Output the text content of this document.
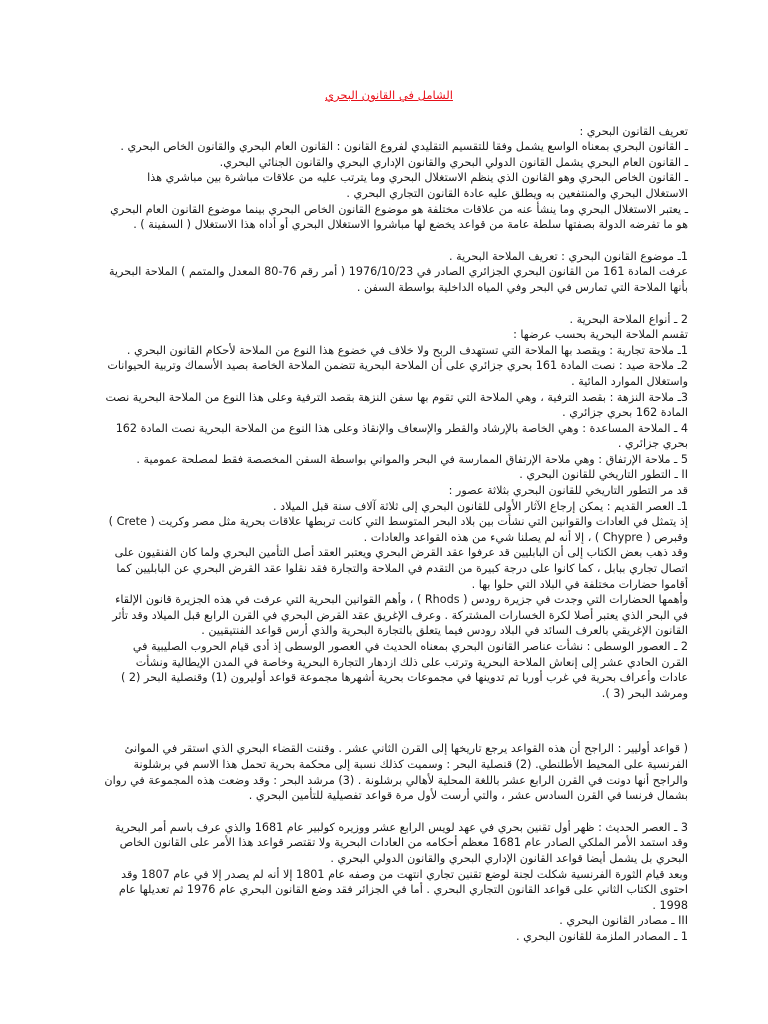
الشامل في القانون البحري

تعريف القانون البحري :

ـ القانون البحري بمعناه الواسع يشمل وفقا للتقسيم التقليدي لفروع القانون : القانون العام البحري والقانون الخاص البحري .

ـ القانون العام البحري يشمل القانون الدولي البحري والقانون الإداري البحري والقانون الجنائي البحري.

ـ القانون الخاص البحري وهو القانون الذي ينظم الاستغلال البحري وما يترتب عليه من علاقات مباشرة بين مباشري هذا

الاستغلال البحري والمنتفعين به ويطلق عليه عادة القانون التجاري البحري .

ـ يعتبر الاستغلال البحري وما ينشأ عنه من علاقات مختلفة هو موضوع القانون الخاص البحري بينما موضوع القانون العام البحري

هو ما تفرضه الدولة بصفتها سلطة عامة من قواعد يخضع لها مباشروا الاستغلال البحري أو أداه هذا الاستغلال ( السفينة ) .

1ـ موضوع القانون البحري : تعريف الملاحة البحرية .

عرفت المادة 161 من القانون البحري الجزائري الصادر في 1976/10/23 ( أمر رقم 76-80 المعدل والمتمم ) الملاحة البحرية

بأنها الملاحة التي تمارس في البحر وفي المياه الداخلية بواسطة السفن .

2 ـ أنواع الملاحة البحرية .

تقسم الملاحة البحرية بحسب عرضها :

1ـ ملاحة تجارية : ويقصد بها الملاحة التي تستهدف الربح ولا خلاف في خضوع هذا النوع من الملاحة لأحكام القانون البحري .

2ـ ملاحة صيد : نصت المادة 161 بحري جزائري على أن الملاحة البحرية تتضمن الملاحة الخاصة بصيد الأسماك وتربية الحيوانات

واستغلال الموارد المائية .

3ـ ملاحة النزهة : بقصد الترفية ، وهي الملاحة التي تقوم بها سفن النزهة بقصد الترفية وعلى هذا النوع من الملاحة البحرية نصت

المادة 162 بحري جزائري .

4 ـ الملاحة المساعدة : وهي الخاصة بالإرشاد والقطر والإسعاف والإنقاذ وعلى هذا النوع من الملاحة البحرية نصت المادة 162

بحري جزائري .

5 ـ ملاحة الإرتفاق : وهي ملاحة الإرتفاق الممارسة في البحر والمواني بواسطة السفن المخصصة فقط لمصلحة عمومية .

II ـ التطور التاريخي للقانون البحري .

قد مر التطور التاريخي للقانون البحري بثلاثة عصور :

1ـ العصر القديم : يمكن إرجاع الآثار الأولى للقانون البحري إلى ثلاثة آلاف سنة قبل الميلاد .

إذ يتمثل في العادات والقوانين التي نشأت بين بلاد البحر المتوسط التي كانت تربطها علاقات بحرية مثل مصر وكريت ( Crete )

وقبرص ( Chypre ) ، إلا أنه لم يصلنا شيء من هذه القواعد والعادات .

وقد ذهب بعض الكتاب إلى أن البابليين قد عرفوا عقد القرض البحري ويعتبر العقد أصل التأمين البحري ولما كان الفنقيون على

اتصال تجاري ببابل ، كما كانوا على درجة كبيرة من التقدم في الملاحة والتجارة فقد نقلوا عقد القرض البحري عن البابليين كما

أقاموا حضارات مختلفة في البلاد التي حلوا بها .

وأهمها الحضارات التي وجدت في جزيرة رودس ( Rhods ) ، وأهم القوانين البحرية التي عرفت في هذه الجزيرة قانون الإلقاء

في البحر الذي يعتبر أصلا لكرة الخسارات المشتركة . وعرف الإغريق عقد القرض البحري في القرن الرابع قبل الميلاد وقد تأثر

القانون الإغريقي بالعرف السائد في البلاد رودس فيما يتعلق بالتجارة البحرية والذي أرس قواعد الفنتيقيين .

2 ـ العصور الوسطى : نشأت عناصر القانون البحري بمعناه الحديث في العصور الوسطى إذ أدى قيام الحروب الصليبية في

القرن الحادي عشر إلى إنعاش الملاحة البحرية وترتب على ذلك ازدهار التجارة البحرية وخاصة في المدن الإيطالية ونشأت

عادات وأعراف بحرية في غرب أوربا تم تدوينها في مجموعات بحرية أشهرها مجموعة قواعد أوليرون (1) وقنصلية البحر (2 )

ومرشد البحر (3 ).

( قواعد أوليير : الراجح أن هذه القواعد يرجع تاريخها إلى القرن الثاني عشر . وقننت القضاء البحري الذي استقر في الموانئ

الفرنسية على المحيط الأطلنطي. (2) قنصلية البحر : وسميت كذلك نسبة إلى محكمة بحرية تحمل هذا الاسم في برشلونة

والراجح أنها دونت في القرن الرابع عشر باللغة المحلية لأهالي برشلونة . (3) مرشد البحر : وقد وضعت هذه المجموعة في روان

بشمال فرنسا في القرن السادس عشر ، والتي أرست لأول مرة قواعد تفصيلية للتأمين البحري .

3 ـ العصر الحديث : ظهر أول تقنين بحري في عهد لويس الرابع عشر ووزيره كولبير عام 1681 والذي عرف باسم أمر البحرية

وقد استمد الأمر الملكي الصادر عام 1681 معظم أحكامه من العادات البحرية ولا تقتصر قواعد هذا الأمر على القانون الخاص

البحري بل يشمل أيضا قواعد القانون الإداري البحري والقانون الدولي البحري .

وبعد قيام الثورة الفرنسية شكلت لجنة لوضع تقنين تجاري انتهت من وصفه عام 1801 إلا أنه لم يصدر إلا في عام 1807 وقد

احتوى الكتاب الثاني على قواعد القانون التجاري البحري . أما في الجزائر فقد وضع القانون البحري عام 1976 ثم تعديلها عام

1998 .

III ـ مصادر القانون البحري .

1 ـ المصادر الملزمة للقانون البحري .
